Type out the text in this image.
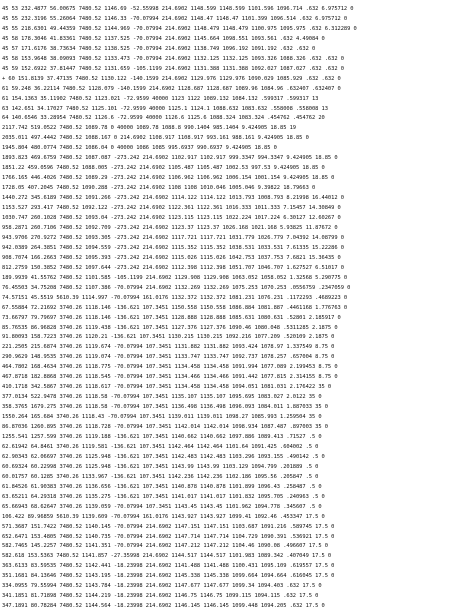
45 53 232.4877 56.00675 7480.52 1146.69 -52.55998 214.6902 1148.599 1148.599 1101.596 1096.714 .632 6.975712 0
45 55 232.3196 55.26064 7480.52 1146.33 -70.07994 214.6902 1148.47 1148.47 1101.399 1096.514 .632 6.975712 0
45 55 218.6301 49.44359 7480.52 1144.969 -70.07994 214.6902 1148.479 1148.479 1100.975 1095.975 .632 6.312289 0
45 58 178.3046 41.83361 7480.52 1137.525 -70.07994 214.6902 1145.664 1098.551 1093.561 .632 4.49084 0
45 57 171.6176 38.73634 7480.52 1138.525 -70.07994 214.6902 1138.749 1096.192 1091.192 .632 .632 0
45 58 153.9648 38.09093 7480.52 1133.473 -70.07994 214.6902 1132.125 1132.125 1093.326 1088.326 .632 .632 0
45 59 152.6922 37.81447 7480.52 1131.659 -105.1199 214.6902 1131.388 1131.388 1092.027 1087.027 .632 .632 0
+ 60 151.8139 37.47135 7480.52 1130.122 -140.1599 214.6902 1129.976 1129.976 1090.029 1085.929 .632 .632 0
61 59.248 36.22114 7480.52 1128.079 -140.1599 214.6902 1128.687 1128.687 1089.96 1084.96 .632407 .632407 0
61 154.1363 35.11902 7480.52 1123.021 -72.9599 40000 1123 1122 1089.132 1084.132 .599317 .599317 13
63 142.651 34.17027 7480.52 1125.101 -72.9599 40000 1125.1 1124.1 1088.632 1083.632 .558008 .558008 13
64 140.6546 33.28954 7480.52 1126.6 -72.9599 40000 1126.6 1125.6 1088.324 1083.324 .454762 .454762 20
2117.742 519.0522 7480.52 1089.78 0 40000 1089.78 1088.8 990.1404 985.1404 9.424905 18.85 19
2035.011 497.4442 7480.52 1088.167 0 214.6902 1108.917 1108.917 993.161 988.161 9.424905 18.85 0
1945.804 480.0774 7480.52 1086.04 0 40000 1086 1085 995.6937 990.6937 9.424905 18.85 0
1893.823 469.6759 7480.52 1087.087 -273.242 214.6902 1102.917 1102.917 999.3347 994.3347 9.424905 18.85 0
1851.22 459.0596 7480.52 1088.005 -273.242 214.6902 1105.487 1105.487 1002.53 997.53 9.424905 18.85 0
1766.165 446.4026 7480.52 1089.29 -273.242 214.6902 1106.962 1106.962 1006.154 1001.154 9.424905 18.85 0
1728.05 407.2045 7480.52 1090.288 -273.242 214.6902 1108 1108 1010.046 1005.046 9.39822 18.79663 0
1440.272 345.6189 7480.52 1091.266 -273.242 214.6902 1114.122 1114.122 1013.793 1008.793 8.21998 16.44012 0
1153.527 293.417 7480.52 1092.122 -273.242 214.6902 1122.361 1122.361 1016.333 1011.333 7.15457 14.30849 0
1030.747 260.1028 7480.52 1093.04 -273.242 214.6902 1123.115 1123.115 1022.224 1017.224 6.30127 12.60267 0
958.2871 260.7106 7480.52 1092.709 -273.242 214.6902 1123.37 1123.37 1026.168 1021.168 5.93825 11.87672 0
943.9706 270.9272 7480.52 1093.305 -273.242 214.6902 1117.721 1117.721 1031.779 1026.779 7.04392 14.08799 0
942.0389 264.3851 7480.52 1094.559 -273.242 214.6902 1115.352 1115.352 1038.531 1033.531 7.61335 15.22286 0
908.7074 166.2663 7480.52 1095.393 -273.242 214.6902 1115.026 1115.026 1042.753 1037.753 7.6821 15.36435 0
812.2759 150.3852 7480.52 1097.644 -273.242 214.6902 1112.398 1112.398 1051.707 1046.707 1.627527 6.51017 0
189.9939 41.55762 7480.52 1101.585 -105.1199 214.6902 1129.908 1129.908 1063.052 1058.052 1.32568 5.290775 0
76.45503 34.75208 7480.52 1107.386 -70.07994 214.6902 1132.269 1132.269 1075.253 1070.253 .0556759 .2347059 0
74.57151 45.5519 5610.39 1114.997 -70.07994 161.0176 1132.372 1132.372 1081.231 1076.231 .1172293 .4689223 0
67.55884 72.21692 3740.26 1118.146 -136.621 107.3451 1150.558 1150.558 1086.884 1081.887 .4461168 1.776763 0
73.66797 79.79697 3740.26 1118.146 -136.621 107.3451 1128.888 1128.888 1085.631 1080.631 .52801 2.185917 0
85.76535 86.96828 3740.26 1119.438 -136.621 107.3451 1127.376 1127.376 1090.46 1080.048 .5311285 2.1875 0
91.80093 158.7223 3740.26 1120.21 -136.621 107.3451 1130.215 1130.215 1092.216 1077.209 .520109 2.1875 0
221.2505 215.6874 3740.26 1119.674 -70.07994 107.3451 1131.882 1131.882 1093.424 1078.97 1.337549 8.75 0
290.9629 148.9535 3740.26 1119.074 -70.07994 107.3451 1133.747 1133.747 1092.737 1078.257 .657004 8.75 0
464.7802 168.4634 3740.26 1118.775 -70.07994 107.3451 1134.458 1134.458 1091.994 1077.089 2.199453 8.75 0
467.8718 182.8868 3740.26 1118.545 -70.07994 107.3451 1134.466 1134.466 1091.442 1077.815 2.314155 8.75 0
410.1718 342.5867 3740.26 1118.617 -70.07994 107.3451 1134.458 1134.458 1094.051 1081.031 2.176422 35 0
377.0134 522.9478 3740.26 1118.58 -70.07994 107.3451 1135.107 1135.107 1095.695 1083.027 2.0122 35 0
358.3765 1679.275 3740.26 1118.58 -70.07994 107.3451 1136.498 1136.498 1096.093 1084.011 1.887033 35 0
1550.264 165.684 3740.26 1118.43 -70.07994 107.3451 1139.011 1139.011 1098.27 1085.993 1.259504 35 0
86.87036 1260.895 3740.26 1118.728 -70.07994 107.3451 1142.014 1142.014 1098.934 1087.487 .897003 35 0
1255.541 1257.599 3740.26 1119.188 -136.621 107.3451 1140.662 1140.662 1097.886 1089.413 .71527 .5 0
62.61942 64.8461 3740.26 1119.581 -136.621 107.3451 1142.464 1142.464 1101.64 1091.425 .604002 .5 0
62.90343 62.06697 3740.26 1125.948 -136.621 107.3451 1142.483 1142.483 1103.296 1093.155 .490142 .5 0
60.69324 60.22998 3740.26 1125.948 -136.621 107.3451 1143.99 1143.99 1103.129 1094.799 .201889 .5 0
60.01757 60.1285 3740.26 1133.967 -136.621 107.3451 1142.236 1142.236 1102.186 1095.56 .205847 .5 0
61.84526 61.90383 3740.26 1136.656 -136.621 107.3451 1140.878 1140.878 1101.899 1096.43 .258487 .5 0
63.65211 64.29318 3740.26 1135.275 -136.621 107.3451 1141.017 1141.017 1101.832 1095.705 .240963 .5 0
65.66943 68.62647 3740.26 1139.059 -70.07994 107.3451 1143.45 1143.45 1101.962 1094.778 .345607 .5 0
106.422 89.96859 5610.39 1139.609 -70.07994 161.0176 1143.927 1143.927 1099.41 1092.46 .453347 17.5 0
571.3687 151.7422 7480.52 1140.145 -70.07994 214.6902 1147.151 1147.151 1103.687 1091.216 .589745 17.5 0
652.6471 153.4805 7480.52 1140.735 -70.07994 214.6902 1147.714 1147.714 1104.729 1090.391 .536921 17.5 0
582.7465 145.2257 7480.52 1141.351 -70.07994 214.6902 1147.212 1147.212 1104.46 1090.08 .496607 17.5 0
582.618 153.5363 7480.52 1141.857 -27.35998 214.6902 1144.517 1144.517 1101.983 1089.342 .407049 17.5 0
363.6133 83.59535 7480.52 1142.441 -18.23998 214.6902 1141.488 1141.488 1100.431 1095.109 .619557 17.5 0
351.1681 84.13646 7480.52 1143.195 -18.23998 214.6902 1145.338 1145.338 1099.664 1094.664 .616045 17.5 0
334.0955 79.55994 7480.52 1143.784 -18.23998 214.6902 1147.677 1147.677 1099.34 1094.403 .632 17.5 0
341.1851 81.71898 7480.52 1144.219 -18.23998 214.6902 1146.75 1146.75 1099.115 1094.115 .632 17.5 0
347.1891 80.78284 7480.52 1144.564 -18.23998 214.6902 1146.145 1146.145 1099.448 1094.205 .632 17.5 0
